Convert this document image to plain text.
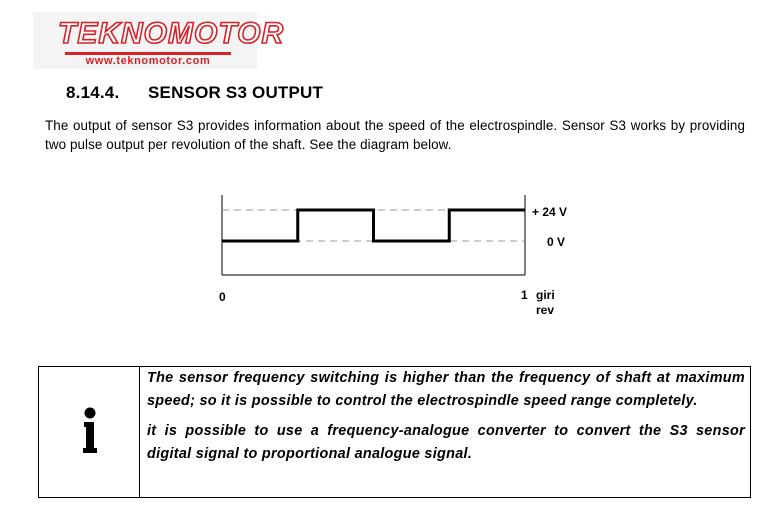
TEKNOMOTOR
www.teknomotor.com
8.14.4. SENSOR S3 OUTPUT
The output of sensor S3 provides information about the speed of the electrospindle. Sensor S3 works by providing two pulse output per revolution of the shaft. See the diagram below.
+ 24 V
0 V
0	1 giri
rev

The sensor frequency switching is higher than the frequency of shaft at maximum speed; so it is possible to control the electrospindle speed range completely.

it is possible to use a frequency-analogue converter to convert the S3 sensor digital signal to proportional analogue signal.
